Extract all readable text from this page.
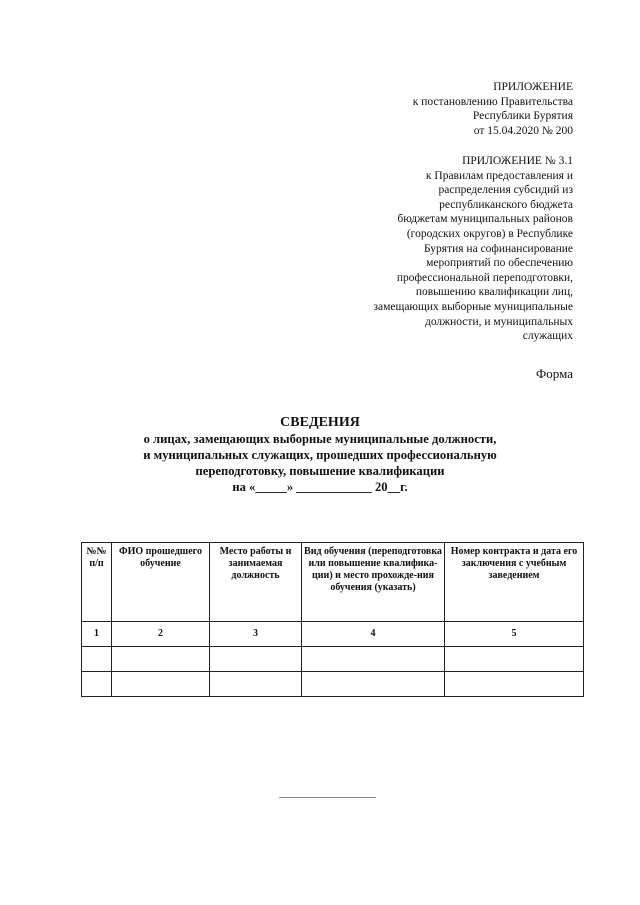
ПРИЛОЖЕНИЕ
к постановлению Правительства
Республики Бурятия
от 15.04.2020 № 200
ПРИЛОЖЕНИЕ № 3.1
к Правилам предоставления и
распределения субсидий из
республиканского бюджета
бюджетам муниципальных районов
(городских округов) в Республике
Бурятия на софинансирование
мероприятий по обеспечению
профессиональной переподготовки,
повышению квалификации лиц,
замещающих выборные муниципальные
должности, и муниципальных
служащих
Форма
СВЕДЕНИЯ
о лицах, замещающих выборные муниципальные должности,
и муниципальных служащих, прошедших профессиональную
переподготовку, повышение квалификации
на «_____» ____________ 20__г.
№№ п/п	ФИО прошедшего обучение	Место работы и занимаемая должность	Вид обучения (переподготовка или повышение квалифика-ции) и место прохожде-ния обучения (указать)	Номер контракта и дата его заключения с учебным заведением
1	2	3	4	5
